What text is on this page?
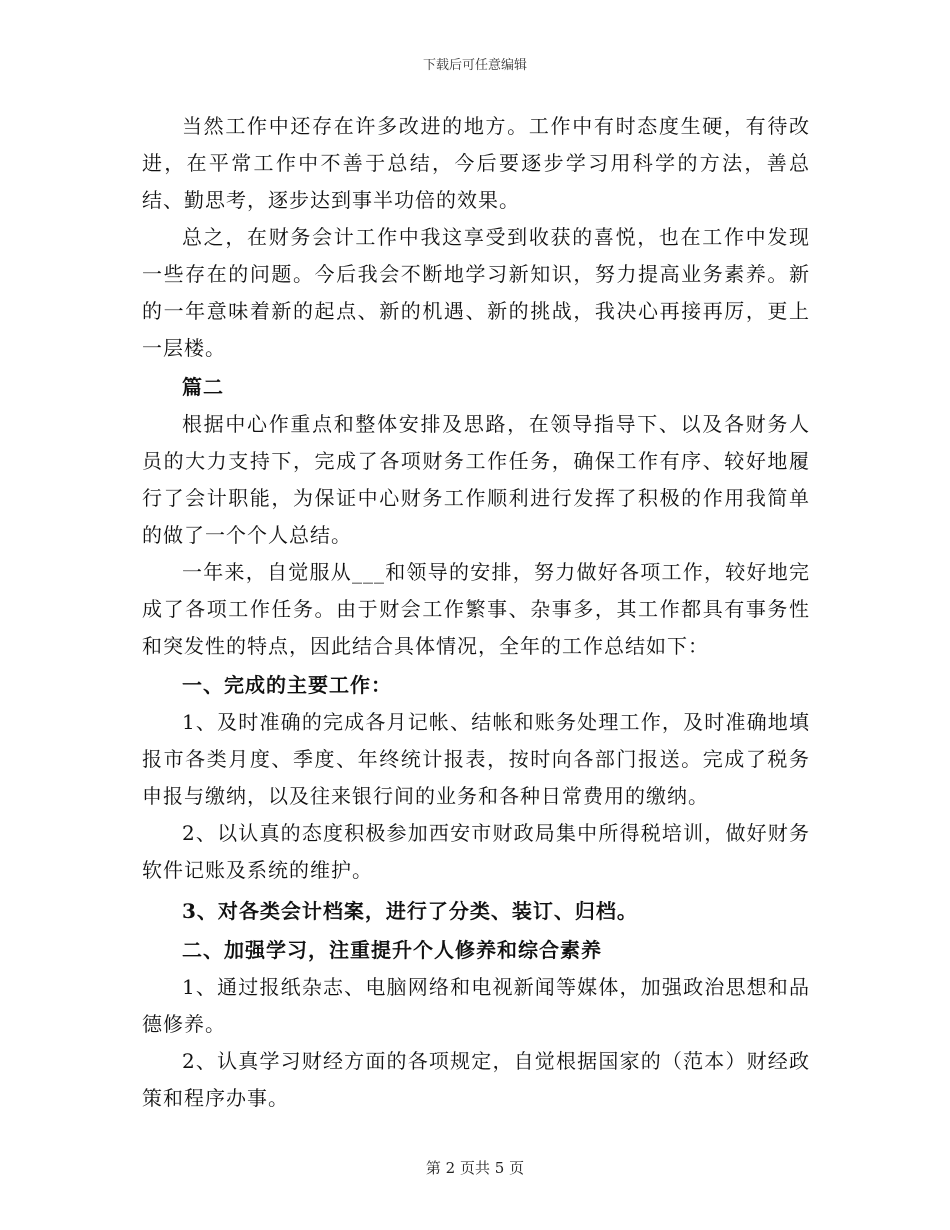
下载后可任意编辑

当然工作中还存在许多改进的地方。工作中有时态度生硬，有待改进，在平常工作中不善于总结，今后要逐步学习用科学的方法，善总结、勤思考，逐步达到事半功倍的效果。

总之，在财务会计工作中我这享受到收获的喜悦，也在工作中发现一些存在的问题。今后我会不断地学习新知识，努力提高业务素养。新的一年意味着新的起点、新的机遇、新的挑战，我决心再接再厉，更上一层楼。

篇二

根据中心作重点和整体安排及思路，在领导指导下、以及各财务人员的大力支持下，完成了各项财务工作任务，确保工作有序、较好地履行了会计职能，为保证中心财务工作顺利进行发挥了积极的作用我简单的做了一个个人总结。

一年来，自觉服从___和领导的安排，努力做好各项工作，较好地完成了各项工作任务。由于财会工作繁事、杂事多，其工作都具有事务性和突发性的特点，因此结合具体情况，全年的工作总结如下：

一、完成的主要工作：

1、及时准确的完成各月记帐、结帐和账务处理工作，及时准确地填报市各类月度、季度、年终统计报表，按时向各部门报送。完成了税务申报与缴纳，以及往来银行间的业务和各种日常费用的缴纳。

2、以认真的态度积极参加西安市财政局集中所得税培训，做好财务软件记账及系统的维护。

3、对各类会计档案，进行了分类、装订、归档。

二、加强学习，注重提升个人修养和综合素养

1、通过报纸杂志、电脑网络和电视新闻等媒体，加强政治思想和品德修养。

2、认真学习财经方面的各项规定，自觉根据国家的（范本）财经政策和程序办事。

第 2 页共 5 页
